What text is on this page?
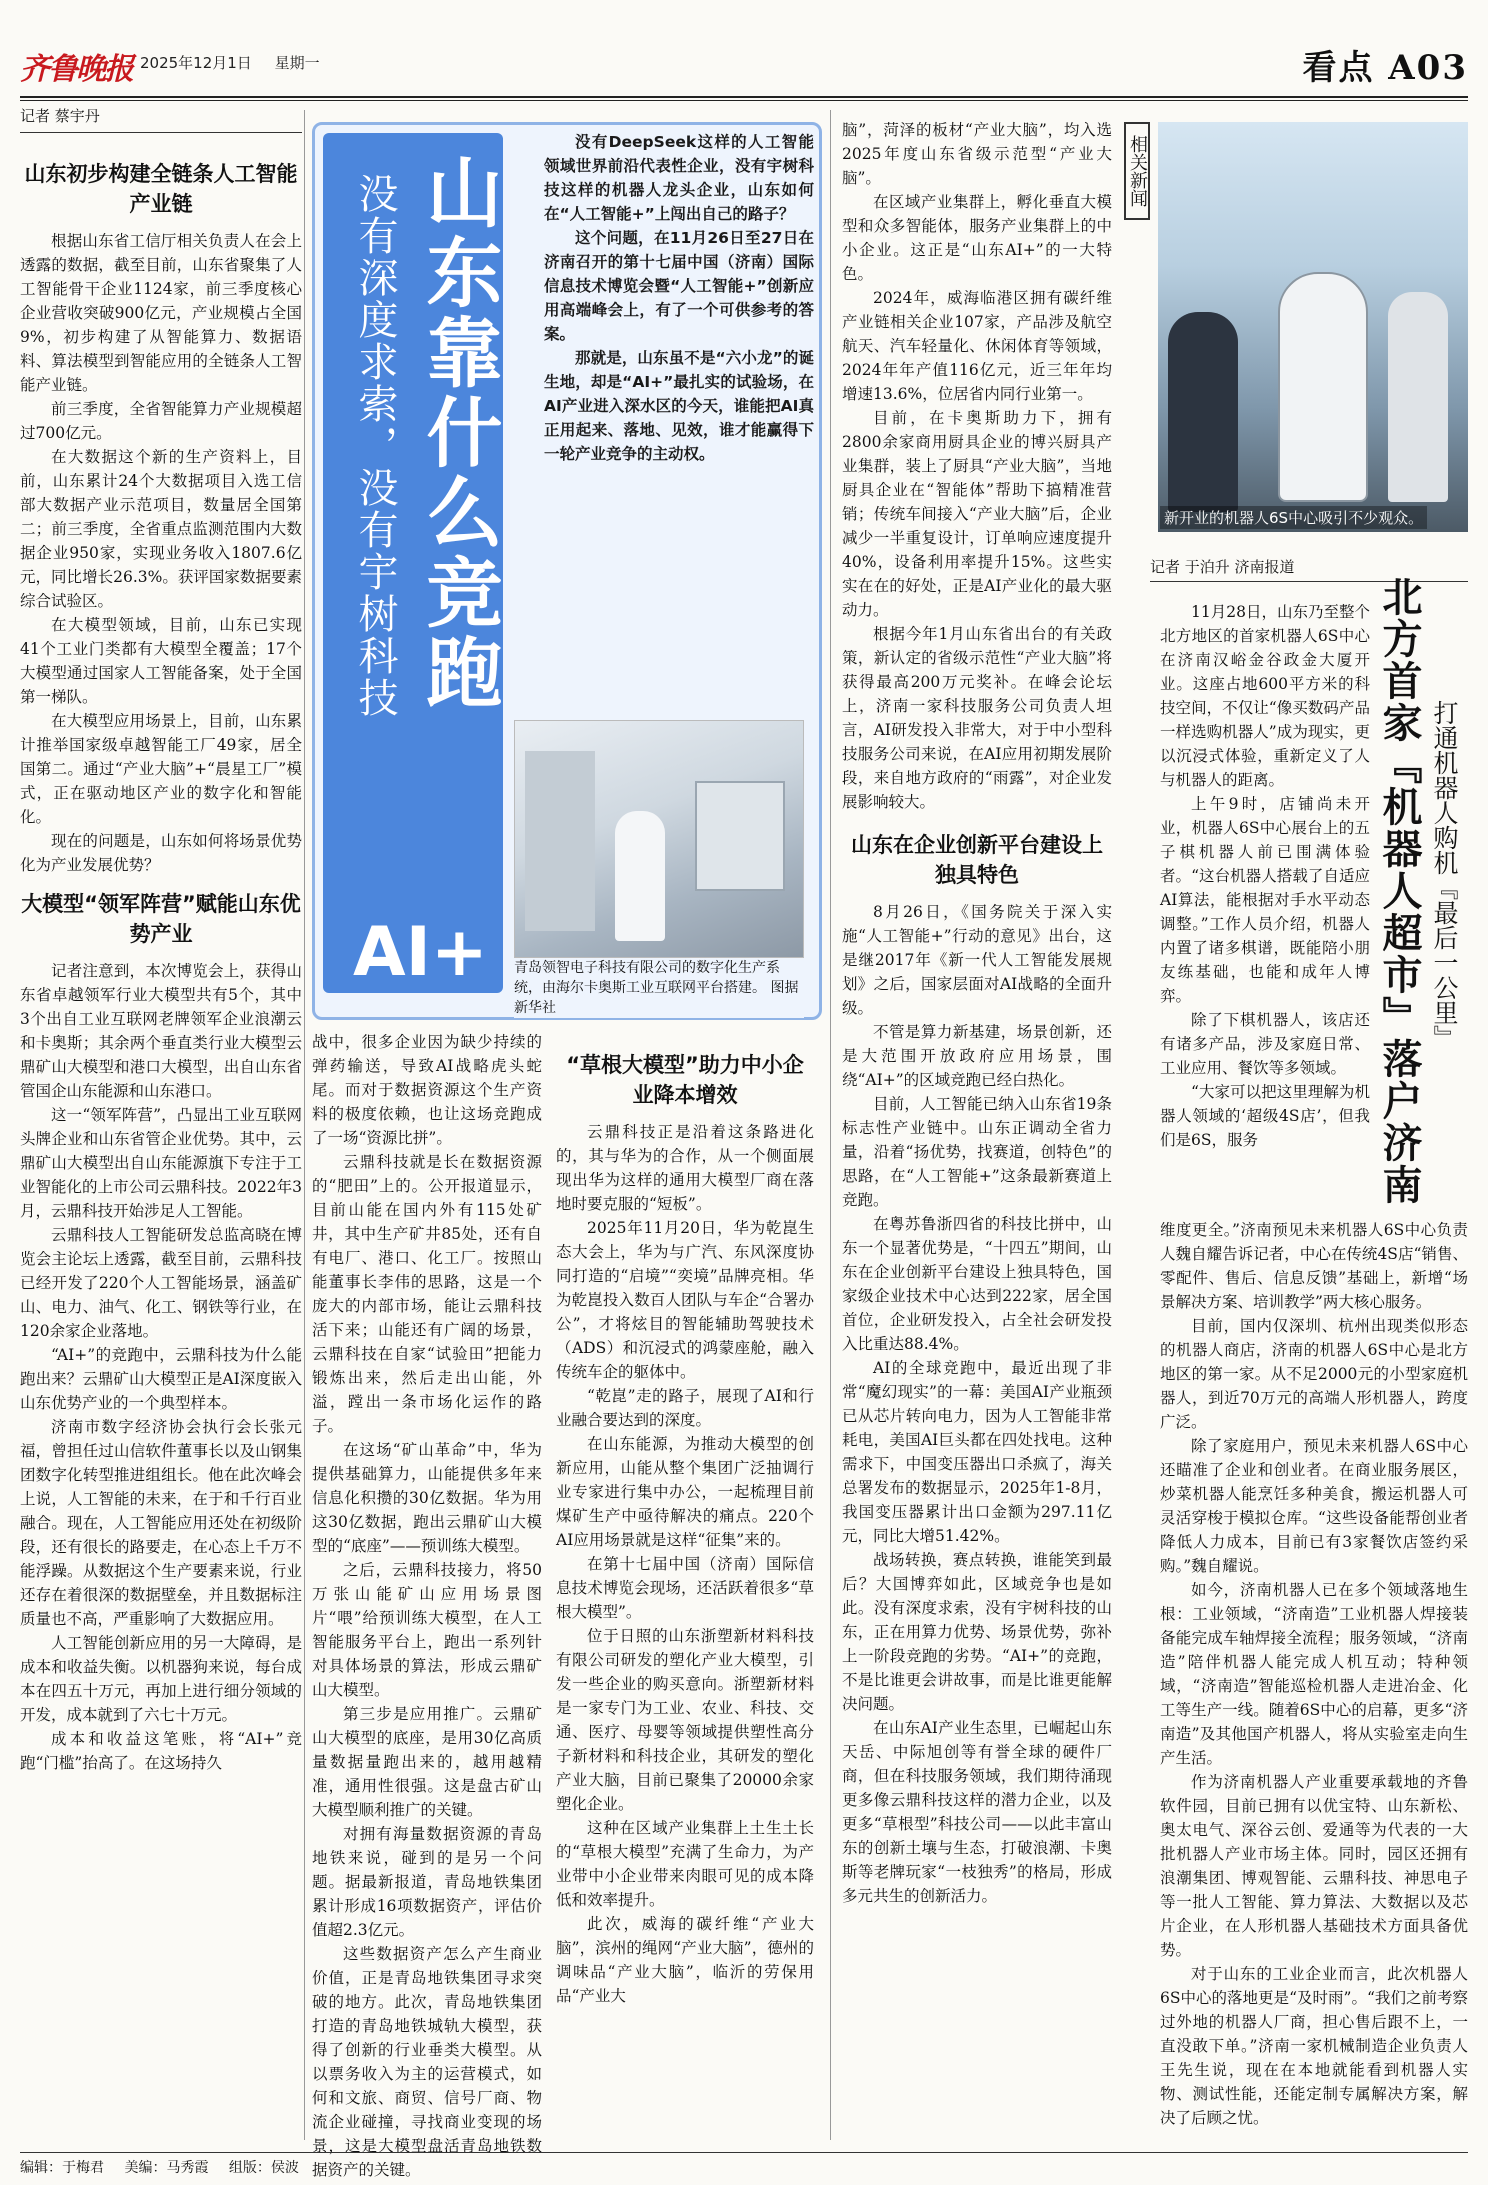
齐鲁晚报 2025年12月1日 星期一	看点 A03
记者 蔡宇丹
山东初步构建全链条人工智能产业链

根据山东省工信厅相关负责人在会上透露的数据，截至目前，山东省聚集了人工智能骨干企业1124家，前三季度核心企业营收突破900亿元，产业规模占全国9%，初步构建了从智能算力、数据语料、算法模型到智能应用的全链条人工智能产业链。

前三季度，全省智能算力产业规模超过700亿元。

在大数据这个新的生产资料上，目前，山东累计24个大数据项目入选工信部大数据产业示范项目，数量居全国第二；前三季度，全省重点监测范围内大数据企业950家，实现业务收入1807.6亿元，同比增长26.3%。获评国家数据要素综合试验区。

在大模型领域，目前，山东已实现41个工业门类都有大模型全覆盖；17个大模型通过国家人工智能备案，处于全国第一梯队。

在大模型应用场景上，目前，山东累计推举国家级卓越智能工厂49家，居全国第二。通过“产业大脑”+“晨星工厂”模式，正在驱动地区产业的数字化和智能化。

现在的问题是，山东如何将场景优势化为产业发展优势？

大模型“领军阵营”赋能山东优势产业

记者注意到，本次博览会上，获得山东省卓越领军行业大模型共有5个，其中3个出自工业互联网老牌领军企业浪潮云和卡奥斯；其余两个垂直类行业大模型云鼎矿山大模型和港口大模型，出自山东省管国企山东能源和山东港口。

这一“领军阵营”，凸显出工业互联网头牌企业和山东省管企业优势。其中，云鼎矿山大模型出自山东能源旗下专注于工业智能化的上市公司云鼎科技。2022年3月，云鼎科技开始涉足人工智能。

云鼎科技人工智能研发总监高晓在博览会主论坛上透露，截至目前，云鼎科技已经开发了220个人工智能场景，涵盖矿山、电力、油气、化工、钢铁等行业，在120余家企业落地。

“AI+”的竞跑中，云鼎科技为什么能跑出来？云鼎矿山大模型正是AI深度嵌入山东优势产业的一个典型样本。

济南市数字经济协会执行会长张元福，曾担任过山信软件董事长以及山钢集团数字化转型推进组组长。他在此次峰会上说，人工智能的未来，在于和千行百业融合。现在，人工智能应用还处在初级阶段，还有很长的路要走，在心态上千万不能浮躁。从数据这个生产要素来说，行业还存在着很深的数据壁垒，并且数据标注质量也不高，严重影响了大数据应用。

人工智能创新应用的另一大障碍，是成本和收益失衡。以机器狗来说，每台成本在四五十万元，再加上进行细分领域的开发，成本就到了六七十万元。

成本和收益这笔账，将“AI+”竞跑“门槛”抬高了。在这场持久

山东靠什么竞跑
没有深度求索，没有宇树科技
AI+

没有DeepSeek这样的人工智能领域世界前沿代表性企业，没有宇树科技这样的机器人龙头企业，山东如何在“人工智能+”上闯出自己的路子？

这个问题，在11月26日至27日在济南召开的第十七届中国（济南）国际信息技术博览会暨“人工智能+”创新应用高端峰会上，有了一个可供参考的答案。

那就是，山东虽不是“六小龙”的诞生地，却是“AI+”最扎实的试验场，在AI产业进入深水区的今天，谁能把AI真正用起来、落地、见效，谁才能赢得下一轮产业竞争的主动权。

青岛领智电子科技有限公司的数字化生产系统，由海尔卡奥斯工业互联网平台搭建。 图据新华社

战中，很多企业因为缺少持续的弹药输送，导致AI战略虎头蛇尾。而对于数据资源这个生产资料的极度依赖，也让这场竞跑成了一场“资源比拼”。

云鼎科技就是长在数据资源的“肥田”上的。公开报道显示，目前山能在国内外有115处矿井，其中生产矿井85处，还有自有电厂、港口、化工厂。按照山能董事长李伟的思路，这是一个庞大的内部市场，能让云鼎科技活下来；山能还有广阔的场景，云鼎科技在自家“试验田”把能力锻炼出来，然后走出山能，外溢，蹚出一条市场化运作的路子。

在这场“矿山革命”中，华为提供基础算力，山能提供多年来信息化积攒的30亿数据。华为用这30亿数据，跑出云鼎矿山大模型的“底座”——预训练大模型。

之后，云鼎科技接力，将50万张山能矿山应用场景图片“喂”给预训练大模型，在人工智能服务平台上，跑出一系列针对具体场景的算法，形成云鼎矿山大模型。

第三步是应用推广。云鼎矿山大模型的底座，是用30亿高质量数据量跑出来的，越用越精准，通用性很强。这是盘古矿山大模型顺利推广的关键。

对拥有海量数据资源的青岛地铁来说，碰到的是另一个问题。据最新报道，青岛地铁集团累计形成16项数据资产，评估价值超2.3亿元。

这些数据资产怎么产生商业价值，正是青岛地铁集团寻求突破的地方。此次，青岛地铁集团打造的青岛地铁城轨大模型，获得了创新的行业垂类大模型。从以票务收入为主的运营模式，如何和文旅、商贸、信号厂商、物流企业碰撞，寻找商业变现的场景，这是大模型盘活青岛地铁数据资产的关键。

“草根大模型”助力中小企业降本增效

云鼎科技正是沿着这条路进化的，其与华为的合作，从一个侧面展现出华为这样的通用大模型厂商在落地时要克服的“短板”。

2025年11月20日，华为乾崑生态大会上，华为与广汽、东风深度协同打造的“启境”“奕境”品牌亮相。华为乾崑投入数百人团队与车企“合署办公”，才将炫目的智能辅助驾驶技术（ADS）和沉浸式的鸿蒙座舱，融入传统车企的躯体中。

“乾崑”走的路子，展现了AI和行业融合要达到的深度。

在山东能源，为推动大模型的创新应用，山能从整个集团广泛抽调行业专家进行集中办公，一起梳理目前煤矿生产中亟待解决的痛点。220个AI应用场景就是这样“征集”来的。

在第十七届中国（济南）国际信息技术博览会现场，还活跃着很多“草根大模型”。

位于日照的山东浙塑新材料科技有限公司研发的塑化产业大模型，引发一些企业的购买意向。浙塑新材料是一家专门为工业、农业、科技、交通、医疗、母婴等领域提供塑性高分子新材料和科技企业，其研发的塑化产业大脑，目前已聚集了20000余家塑化企业。

这种在区域产业集群上土生土长的“草根大模型”充满了生命力，为产业带中小企业带来肉眼可见的成本降低和效率提升。

此次，威海的碳纤维“产业大脑”，滨州的绳网“产业大脑”，德州的调味品“产业大脑”，临沂的劳保用品“产业大

脑”，菏泽的板材“产业大脑”，均入选2025年度山东省级示范型“产业大脑”。

在区域产业集群上，孵化垂直大模型和众多智能体，服务产业集群上的中小企业。这正是“山东AI+”的一大特色。

2024年，威海临港区拥有碳纤维产业链相关企业107家，产品涉及航空航天、汽车轻量化、休闲体育等领域，2024年年产值116亿元，近三年年均增速13.6%，位居省内同行业第一。

目前，在卡奥斯助力下，拥有2800余家商用厨具企业的博兴厨具产业集群，装上了厨具“产业大脑”，当地厨具企业在“智能体”帮助下搞精准营销；传统车间接入“产业大脑”后，企业减少一半重复设计，订单响应速度提升40%，设备利用率提升15%。这些实实在在的好处，正是AI产业化的最大驱动力。

根据今年1月山东省出台的有关政策，新认定的省级示范性“产业大脑”将获得最高200万元奖补。在峰会论坛上，济南一家科技服务公司负责人坦言，AI研发投入非常大，对于中小型科技服务公司来说，在AI应用初期发展阶段，来自地方政府的“雨露”，对企业发展影响较大。

山东在企业创新平台建设上独具特色

8月26日，《国务院关于深入实施“人工智能+”行动的意见》出台，这是继2017年《新一代人工智能发展规划》之后，国家层面对AI战略的全面升级。

不管是算力新基建，场景创新，还是大范围开放政府应用场景，围绕“AI+”的区域竞跑已经白热化。

目前，人工智能已纳入山东省19条标志性产业链中。山东正调动全省力量，沿着“扬优势，找赛道，创特色”的思路，在“人工智能+”这条最新赛道上竞跑。

在粤苏鲁浙四省的科技比拼中，山东一个显著优势是，“十四五”期间，山东在企业创新平台建设上独具特色，国家级企业技术中心达到222家，居全国首位，企业研发投入，占全社会研发投入比重达88.4%。

AI的全球竞跑中，最近出现了非常“魔幻现实”的一幕：美国AI产业瓶颈已从芯片转向电力，因为人工智能非常耗电，美国AI巨头都在四处找电。这种需求下，中国变压器出口杀疯了，海关总署发布的数据显示，2025年1-8月，我国变压器累计出口金额为297.11亿元，同比大增51.42%。

战场转换，赛点转换，谁能笑到最后？大国博弈如此，区域竞争也是如此。没有深度求索，没有宇树科技的山东，正在用算力优势、场景优势，弥补上一阶段竞跑的劣势。“AI+”的竞跑，不是比谁更会讲故事，而是比谁更能解决问题。

在山东AI产业生态里，已崛起山东天岳、中际旭创等有誉全球的硬件厂商，但在科技服务领域，我们期待涌现更多像云鼎科技这样的潜力企业，以及更多“草根型”科技公司——以此丰富山东的创新土壤与生态，打破浪潮、卡奥斯等老牌玩家“一枝独秀”的格局，形成多元共生的创新活力。

相关新闻
新开业的机器人6S中心吸引不少观众。
记者 于泊升 济南报道
北方首家『机器人超市』落户济南 打通机器人购机『最后一公里』

11月28日，山东乃至整个北方地区的首家机器人6S中心在济南汉峪金谷政金大厦开业。这座占地600平方米的科技空间，不仅让“像买数码产品一样选购机器人”成为现实，更以沉浸式体验，重新定义了人与机器人的距离。

上午9时，店铺尚未开业，机器人6S中心展台上的五子棋机器人前已围满体验者。“这台机器人搭载了自适应AI算法，能根据对手水平动态调整。”工作人员介绍，机器人内置了诸多棋谱，既能陪小朋友练基础，也能和成年人博弈。

除了下棋机器人，该店还有诸多产品，涉及家庭日常、工业应用、餐饮等多领域。

“大家可以把这里理解为机器人领域的‘超级4S店’，但我们是6S，服务

维度更全。”济南预见未来机器人6S中心负责人魏自耀告诉记者，中心在传统4S店“销售、零配件、售后、信息反馈”基础上，新增“场景解决方案、培训教学”两大核心服务。

目前，国内仅深圳、杭州出现类似形态的机器人商店，济南的机器人6S中心是北方地区的第一家。从不足2000元的小型家庭机器人，到近70万元的高端人形机器人，跨度广泛。

除了家庭用户，预见未来机器人6S中心还瞄准了企业和创业者。在商业服务展区，炒菜机器人能烹饪多种美食，搬运机器人可灵活穿梭于模拟仓库。“这些设备能帮创业者降低人力成本，目前已有3家餐饮店签约采购。”魏自耀说。

如今，济南机器人已在多个领域落地生根：工业领域，“济南造”工业机器人焊接装备能完成车轴焊接全流程；服务领域，“济南造”陪伴机器人能完成人机互动；特种领域，“济南造”智能巡检机器人走进冶金、化工等生产一线。随着6S中心的启幕，更多“济南造”及其他国产机器人，将从实验室走向生产生活。

作为济南机器人产业重要承载地的齐鲁软件园，目前已拥有以优宝特、山东新松、奥太电气、深谷云创、爱通等为代表的一大批机器人产业市场主体。同时，园区还拥有浪潮集团、博观智能、云鼎科技、神思电子等一批人工智能、算力算法、大数据以及芯片企业，在人形机器人基础技术方面具备优势。

对于山东的工业企业而言，此次机器人6S中心的落地更是“及时雨”。“我们之前考察过外地的机器人厂商，担心售后跟不上，一直没敢下单。”济南一家机械制造企业负责人王先生说，现在在本地就能看到机器人实物、测试性能，还能定制专属解决方案，解决了后顾之忧。

编辑：于梅君 美编：马秀霞 组版：侯波
